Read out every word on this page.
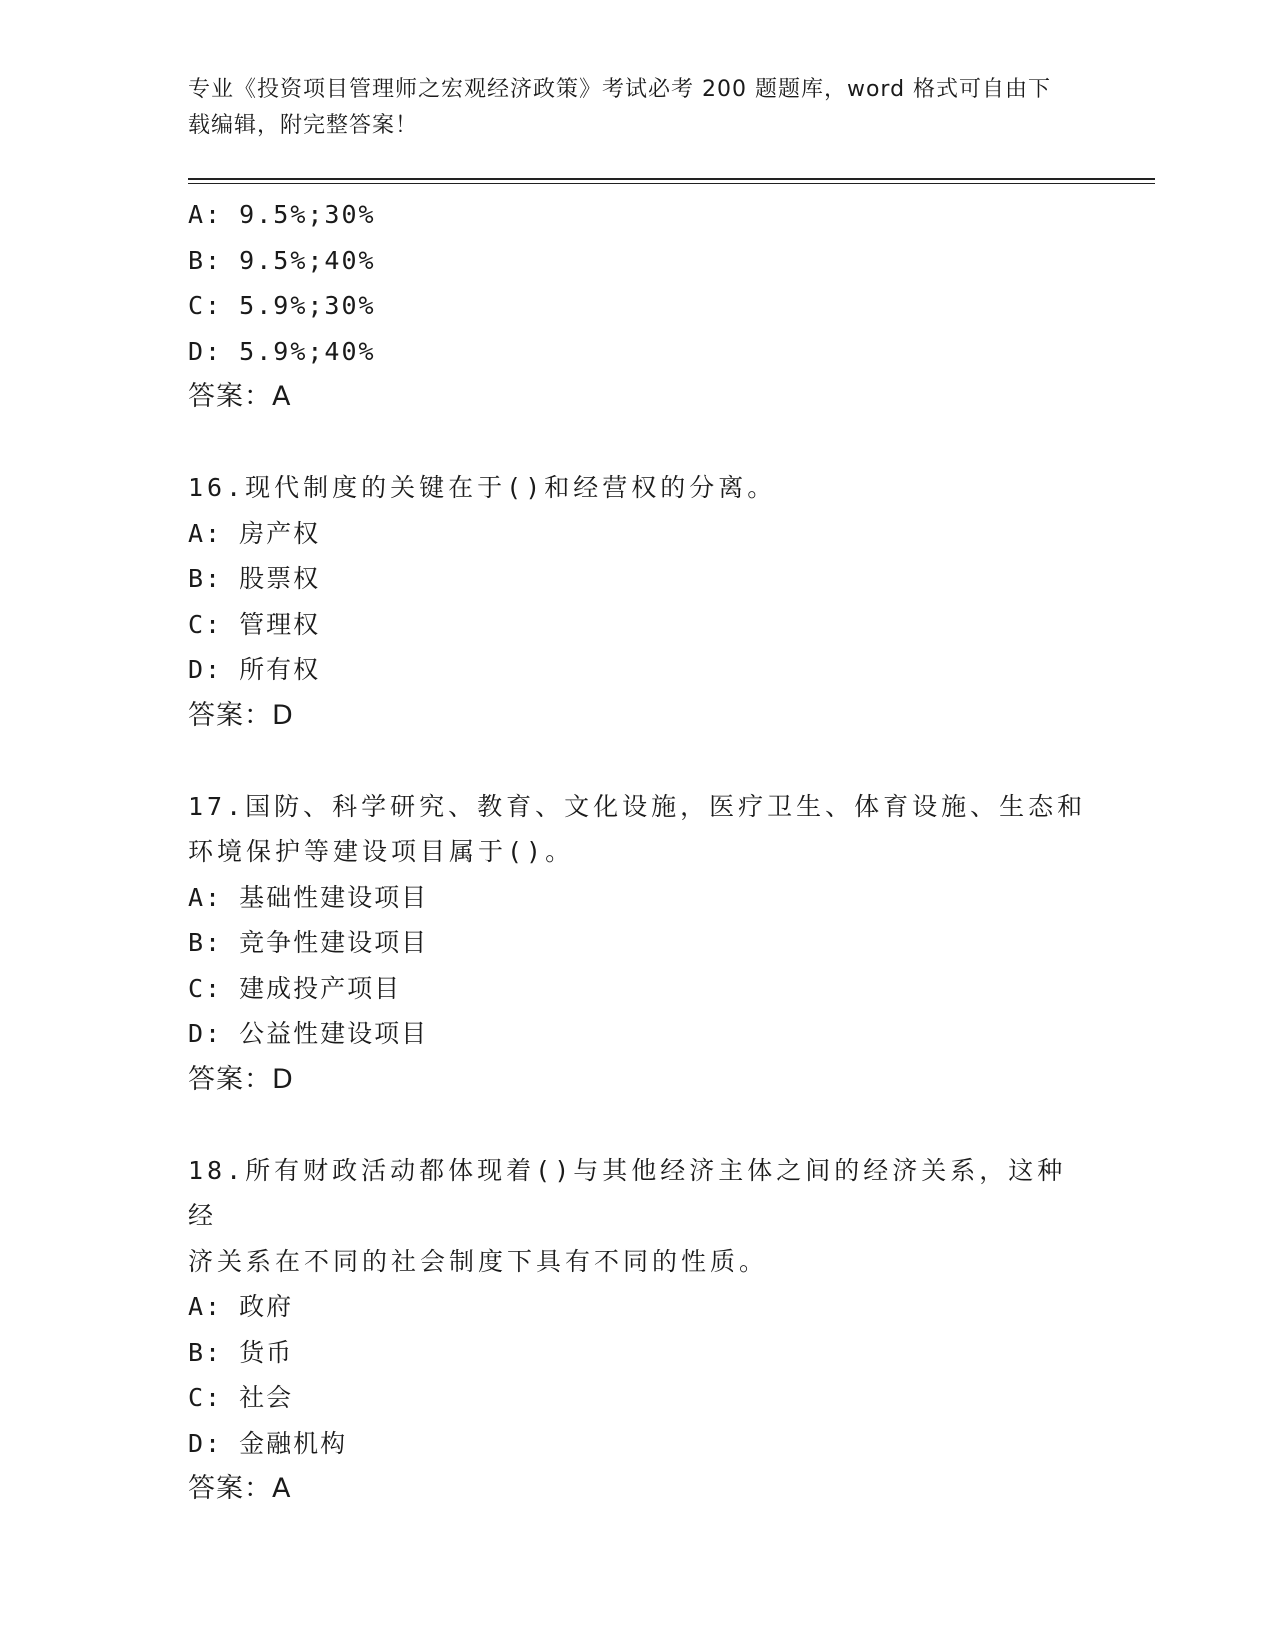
专业《投资项目管理师之宏观经济政策》考试必考 200 题题库，word 格式可自由下载编辑，附完整答案！
A: 9.5%;30%
B: 9.5%;40%
C: 5.9%;30%
D: 5.9%;40%
答案：A
16.现代制度的关键在于()和经营权的分离。
A: 房产权
B: 股票权
C: 管理权
D: 所有权
答案：D
17.国防、科学研究、教育、文化设施，医疗卫生、体育设施、生态和
环境保护等建设项目属于()。
A: 基础性建设项目
B: 竞争性建设项目
C: 建成投产项目
D: 公益性建设项目
答案：D
18.所有财政活动都体现着()与其他经济主体之间的经济关系，这种经
济关系在不同的社会制度下具有不同的性质。
A: 政府
B: 货币
C: 社会
D: 金融机构
答案：A
